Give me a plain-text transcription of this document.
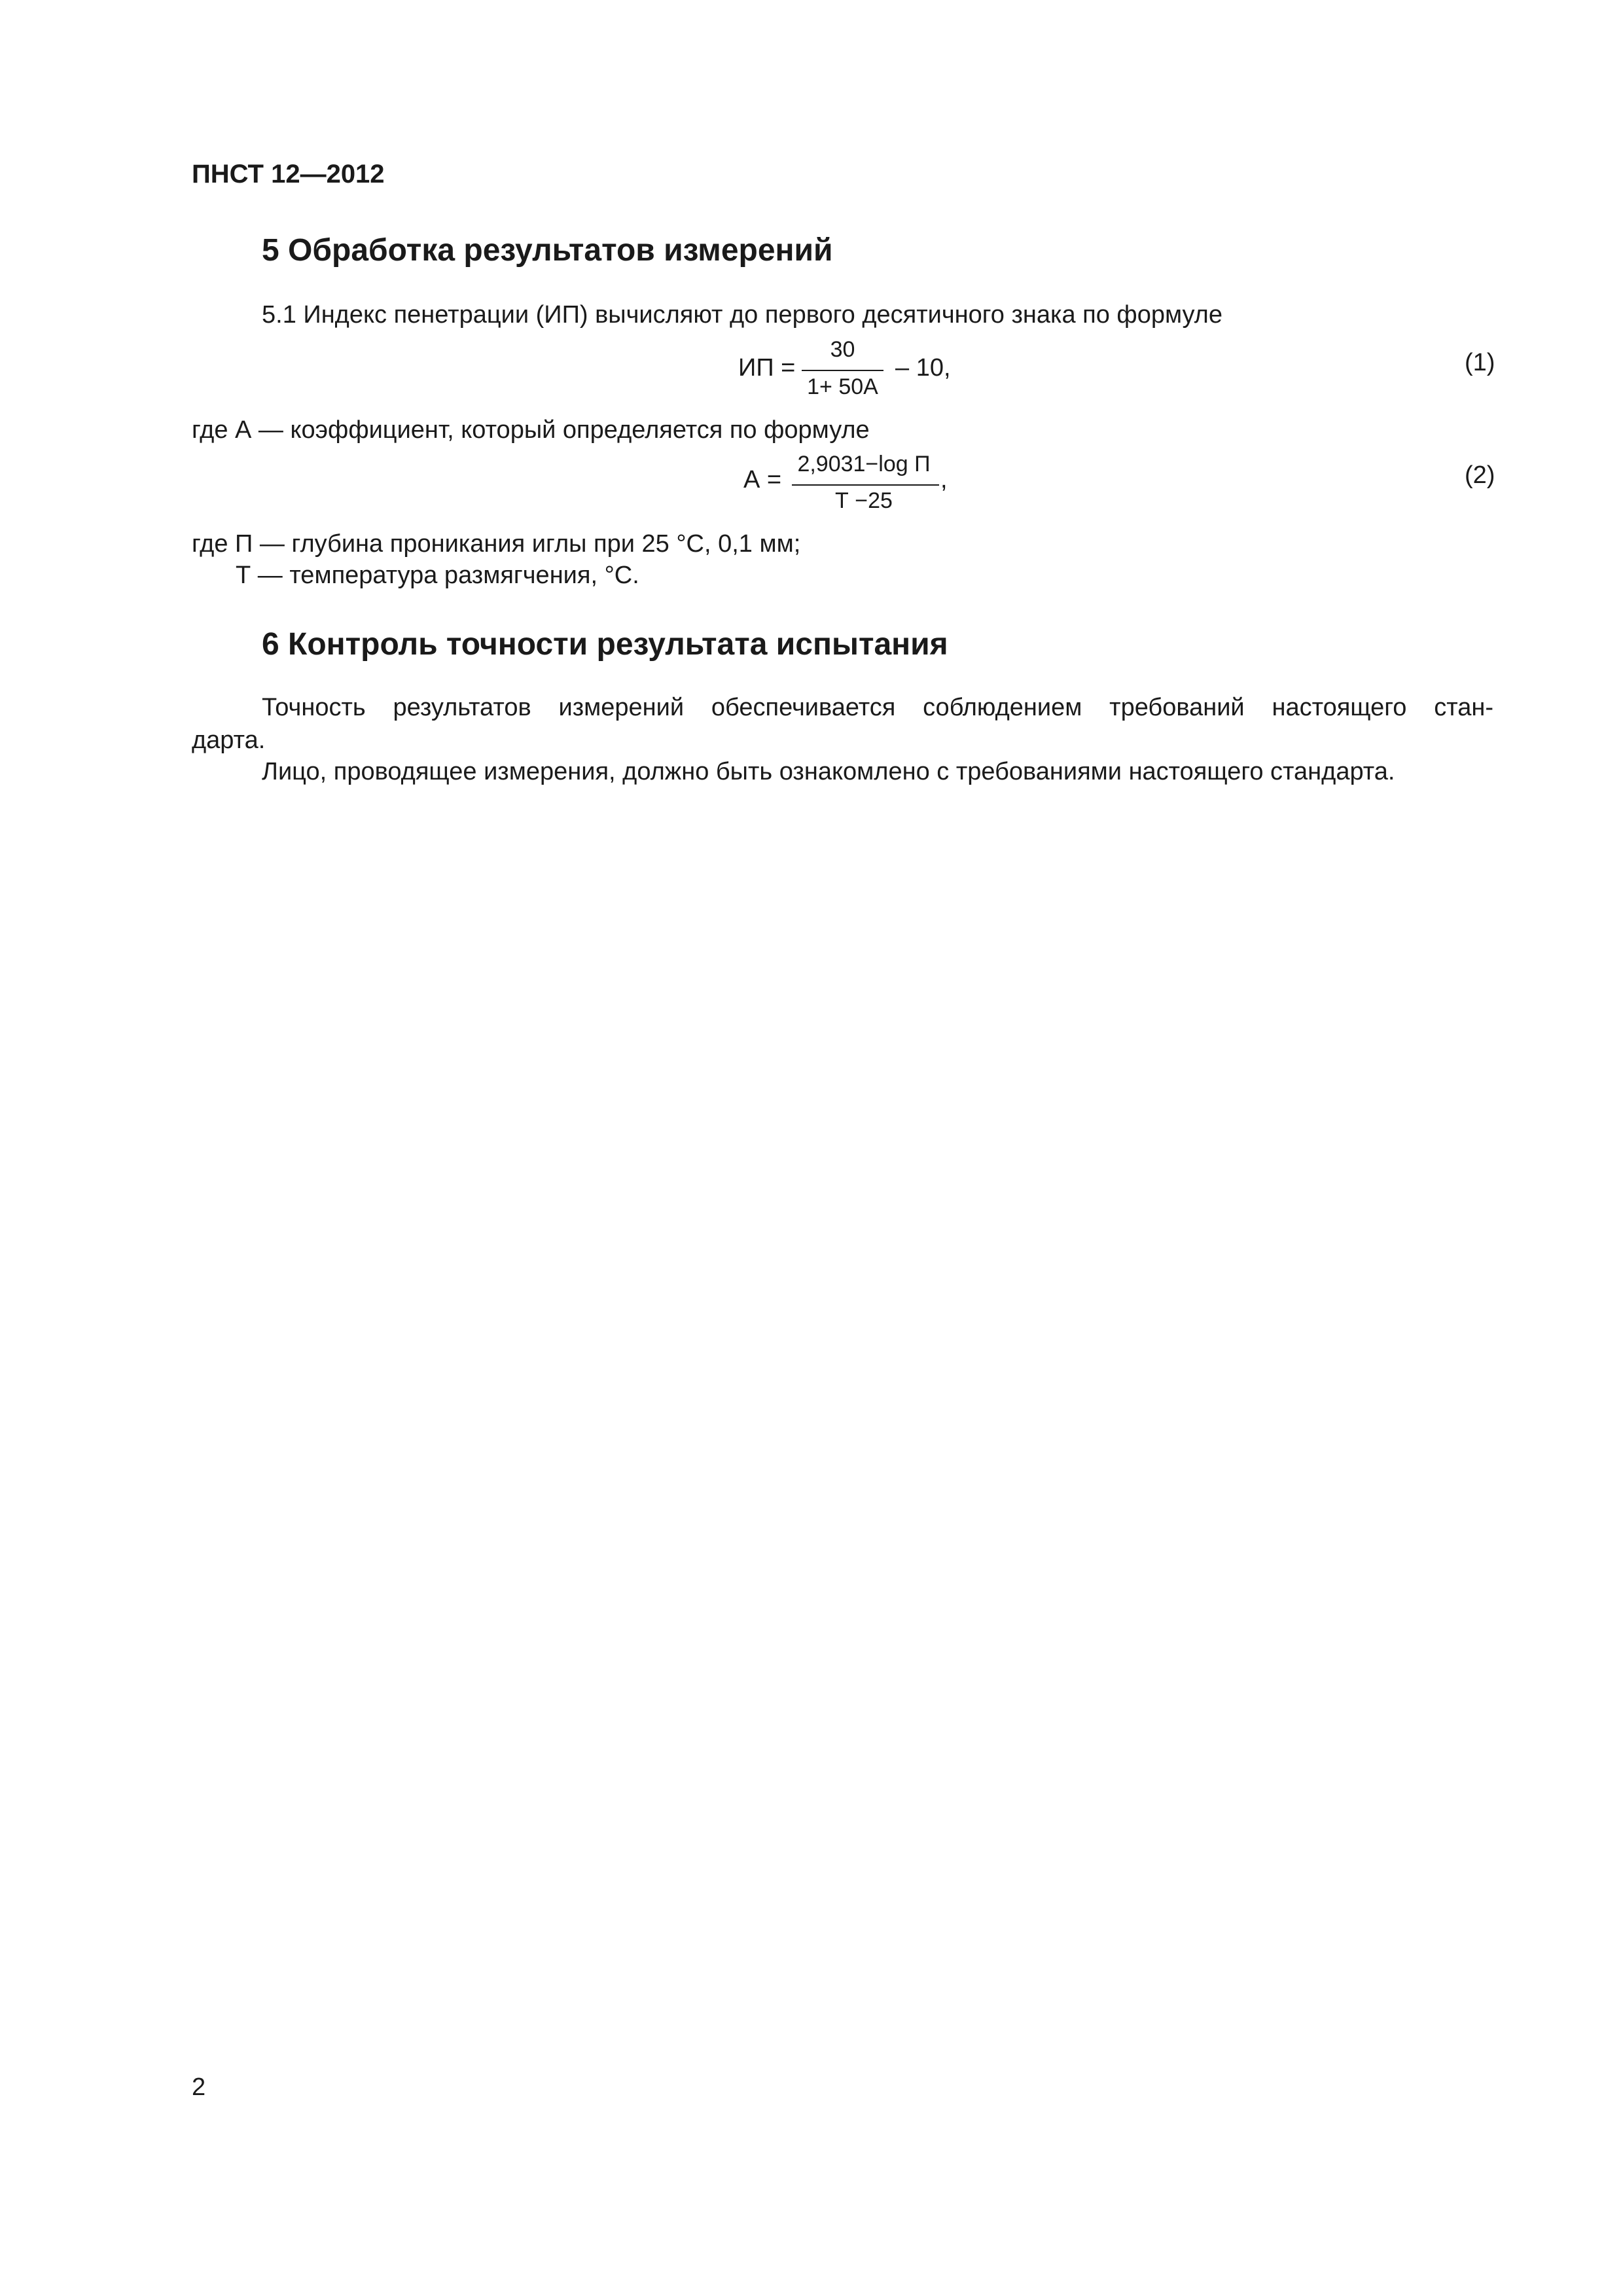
ПНСТ 12—2012
5 Обработка результатов измерений
5.1 Индекс пенетрации (ИП) вычисляют до первого десятичного знака по формуле
ИП =
30
1+ 50А
– 10,	(1)
где А — коэффициент, который определяется по формуле
А =
2,9031−log П
Т −25
,	(2)
где П — глубина проникания иглы при 25 °С, 0,1 мм;
Т — температура размягчения, °С.
6 Контроль точности результата испытания
Точность результатов измерений обеспечивается соблюдением требований настоящего стан-
дарта.
Лицо, проводящее измерения, должно быть ознакомлено с требованиями настоящего стандарта.
2
